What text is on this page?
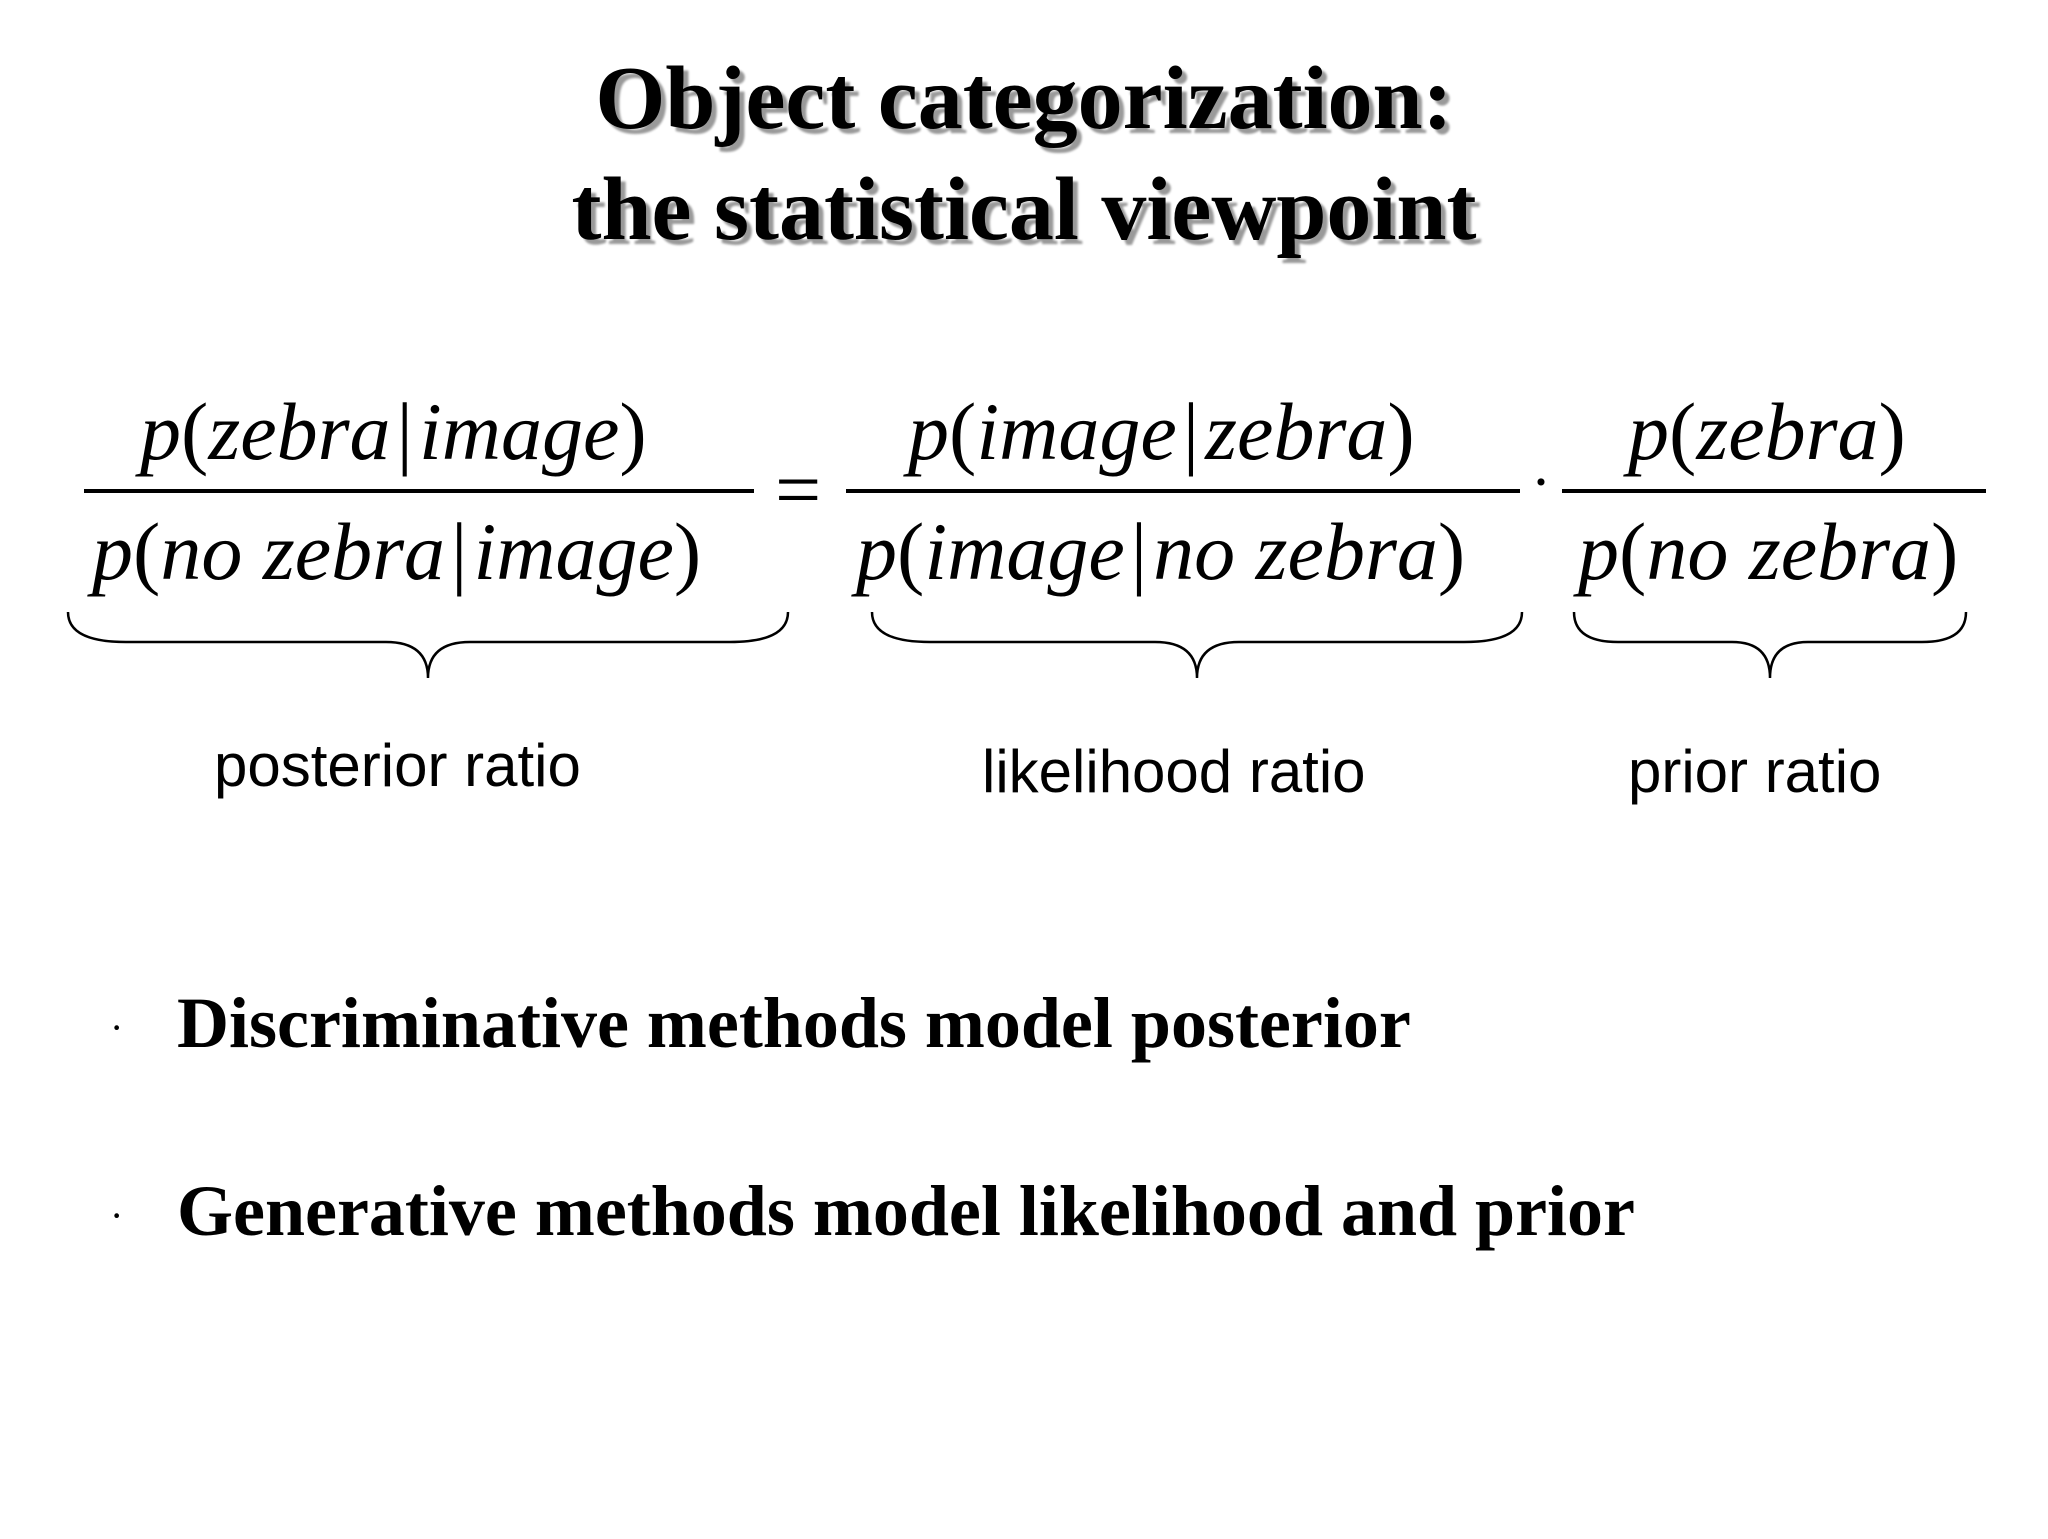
Object categorization:
the statistical viewpoint
p(zebra|image)
p(no zebra|image)
=
p(image|zebra)
p(image|no zebra)
·
p(zebra)
p(no zebra)
posterior ratio	likelihood ratio	prior ratio
· Discriminative methods model posterior
· Generative methods model likelihood and prior
